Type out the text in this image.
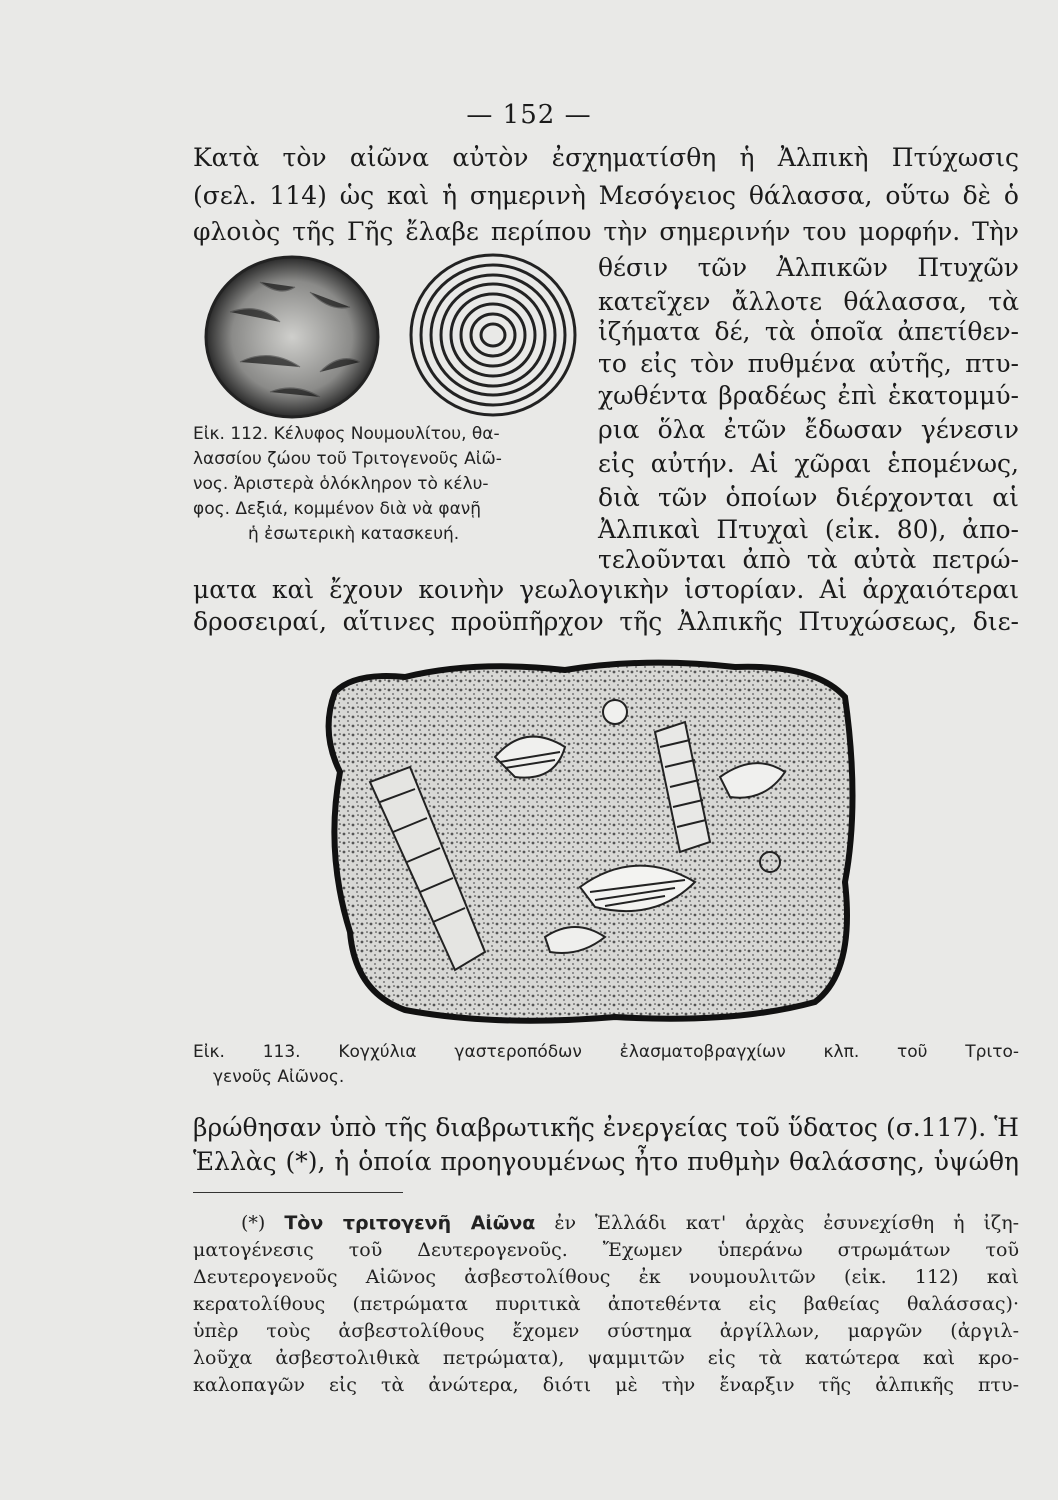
— 152 —
Κατὰ τὸν αἰῶνα αὐτὸν ἐσχηματίσθη ἡ Ἀλπικὴ Πτύχωσις
(σελ. 114) ὡς καὶ ἡ σημερινὴ Μεσόγειος θάλασσα, οὕτω δὲ ὁ
φλοιὸς τῆς Γῆς ἔλαβε περίπου τὴν σημερινήν του μορφήν. Τὴν
θέσιν τῶν Ἀλπικῶν Πτυχῶν
κατεῖχεν ἄλλοτε θάλασσα, τὰ
ἰζήματα δέ, τὰ ὁποῖα ἀπετίθεν-
το εἰς τὸν πυθμένα αὐτῆς, πτυ-
χωθέντα βραδέως ἐπὶ ἑκατομμύ-
ρια ὅλα ἐτῶν ἔδωσαν γένεσιν
εἰς αὐτήν. Αἱ χῶραι ἑπομένως,
διὰ τῶν ὁποίων διέρχονται αἱ
Ἀλπικαὶ Πτυχαὶ (εἰκ. 80), ἀπο-
τελοῦνται ἀπὸ τὰ αὐτὰ πετρώ-
Εἰκ. 112. Κέλυφος Νουμουλίτου, θα-
λασσίου ζώου τοῦ Τριτογενοῦς Αἰῶ-
νος. Ἀριστερὰ ὁλόκληρον τὸ κέλυ-
φος. Δεξιά, κομμένον διὰ νὰ φανῇ
ἡ ἐσωτερικὴ κατασκευή.
ματα καὶ ἔχουν κοινὴν γεωλογικὴν ἱστορίαν. Αἱ ἀρχαιότεραι
δροσειραί, αἵτινες προϋπῆρχον τῆς Ἀλπικῆς Πτυχώσεως, διε-
Εἰκ. 113. Κογχύλια γαστεροπόδων ἐλασματοβραγχίων κλπ. τοῦ Τριτο-
γενοῦς Αἰῶνος.
βρώθησαν ὑπὸ τῆς διαβρωτικῆς ἐνεργείας τοῦ ὕδατος (σ.117). Ἡ
Ἑλλὰς (*), ἡ ὁποία προηγουμένως ἦτο πυθμὴν θαλάσσης, ὑψώθη
(*) Τὸν τριτογενῆ Αἰῶνα ἐν Ἑλλάδι κατ' ἀρχὰς ἐσυνεχίσθη ἡ ἰζη-
ματογένεσις τοῦ Δευτερογενοῦς. Ἔχωμεν ὑπεράνω στρωμάτων τοῦ
Δευτερογενοῦς Αἰῶνος ἀσβεστολίθους ἐκ νουμουλιτῶν (εἰκ. 112) καὶ
κερατολίθους (πετρώματα πυριτικὰ ἀποτεθέντα εἰς βαθείας θαλάσσας)·
ὑπὲρ τοὺς ἀσβεστολίθους ἔχομεν σύστημα ἀργίλλων, μαργῶν (ἀργιλ-
λοῦχα ἀσβεστολιθικὰ πετρώματα), ψαμμιτῶν εἰς τὰ κατώτερα καὶ κρο-
καλοπαγῶν εἰς τὰ ἀνώτερα, διότι μὲ τὴν ἔναρξιν τῆς ἀλπικῆς πτυ-
